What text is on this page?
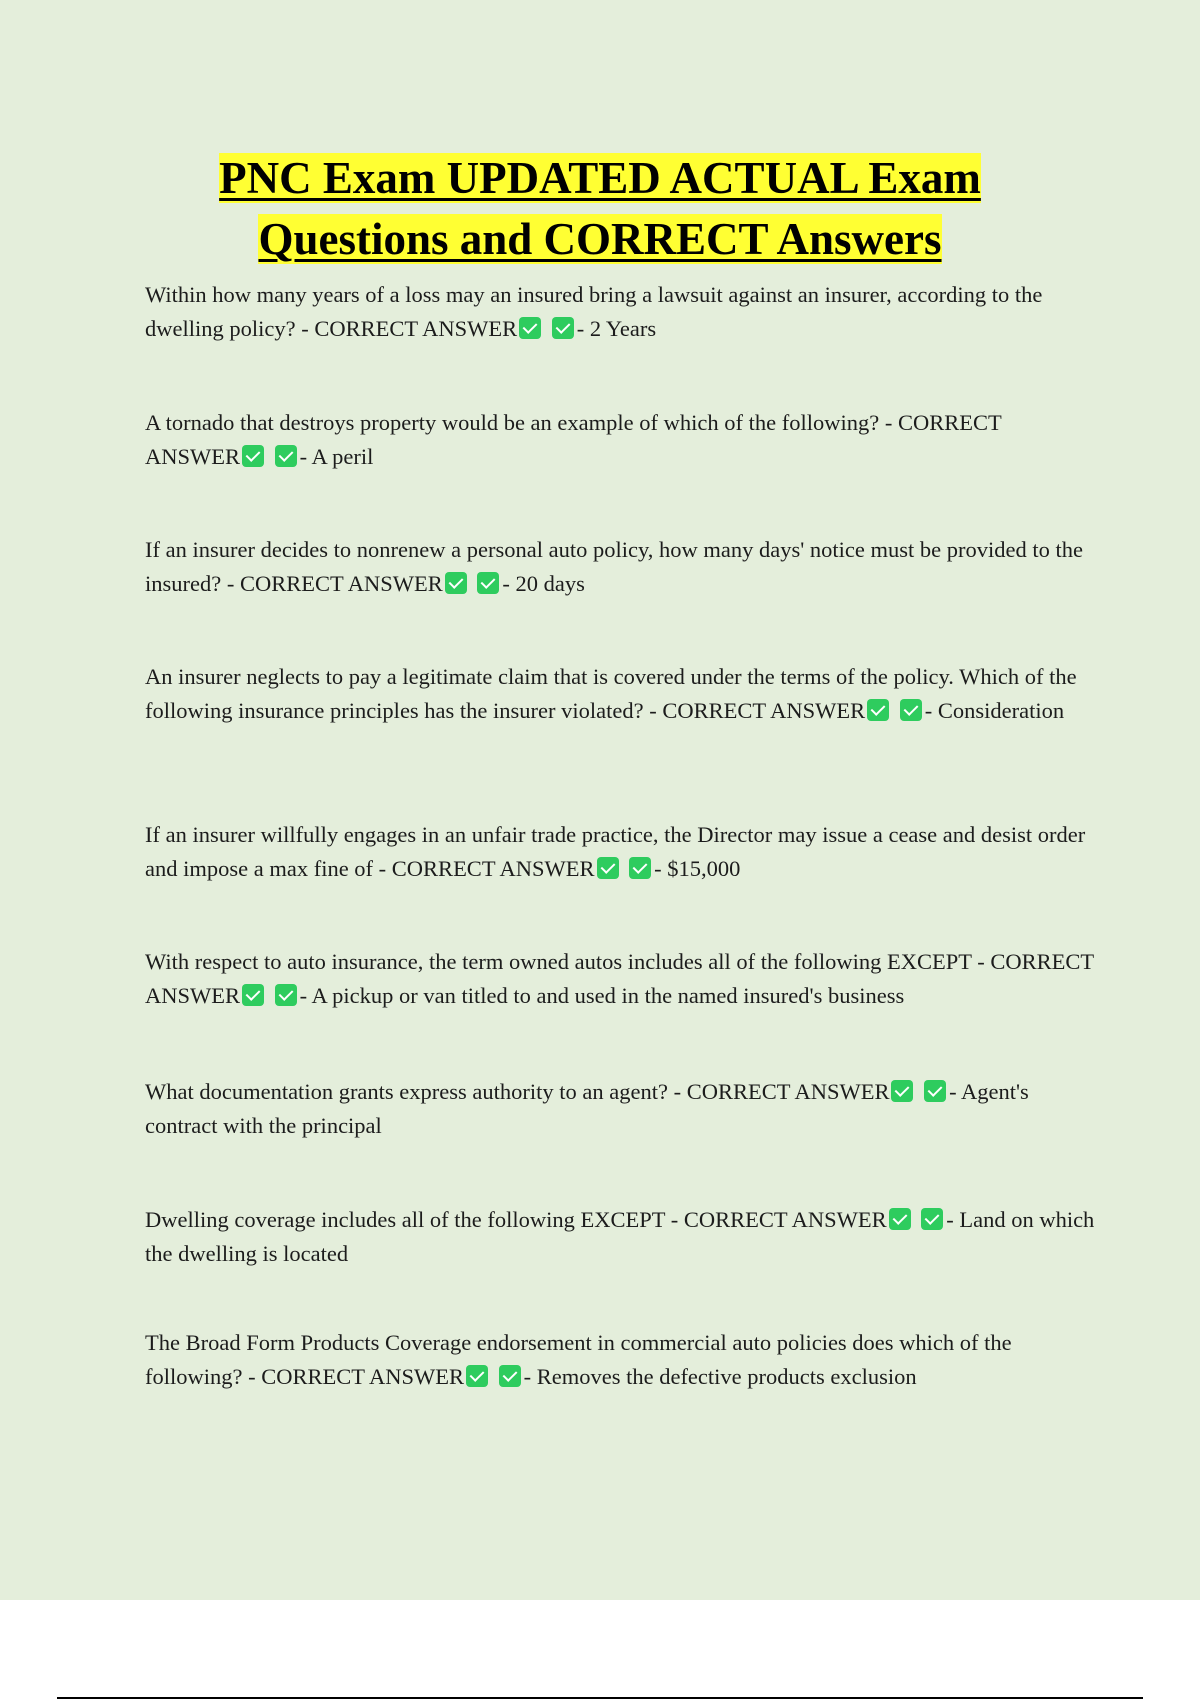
PNC Exam UPDATED ACTUAL Exam
Questions and CORRECT Answers

Within how many years of a loss may an insured bring a lawsuit against an insurer, according to the dwelling policy? - CORRECT ANSWER	- 2 Years

A tornado that destroys property would be an example of which of the following? - CORRECT ANSWER	- A peril

If an insurer decides to nonrenew a personal auto policy, how many days' notice must be provided to the insured? - CORRECT ANSWER	- 20 days

An insurer neglects to pay a legitimate claim that is covered under the terms of the policy. Which of the following insurance principles has the insurer violated? - CORRECT ANSWER	- Consideration

If an insurer willfully engages in an unfair trade practice, the Director may issue a cease and desist order and impose a max fine of - CORRECT ANSWER	- $15,000

With respect to auto insurance, the term owned autos includes all of the following EXCEPT - CORRECT ANSWER	- A pickup or van titled to and used in the named insured's business

What documentation grants express authority to an agent? - CORRECT ANSWER	- Agent's contract with the principal

Dwelling coverage includes all of the following EXCEPT - CORRECT ANSWER	- Land on which the dwelling is located

The Broad Form Products Coverage endorsement in commercial auto policies does which of the following? - CORRECT ANSWER	- Removes the defective products exclusion
